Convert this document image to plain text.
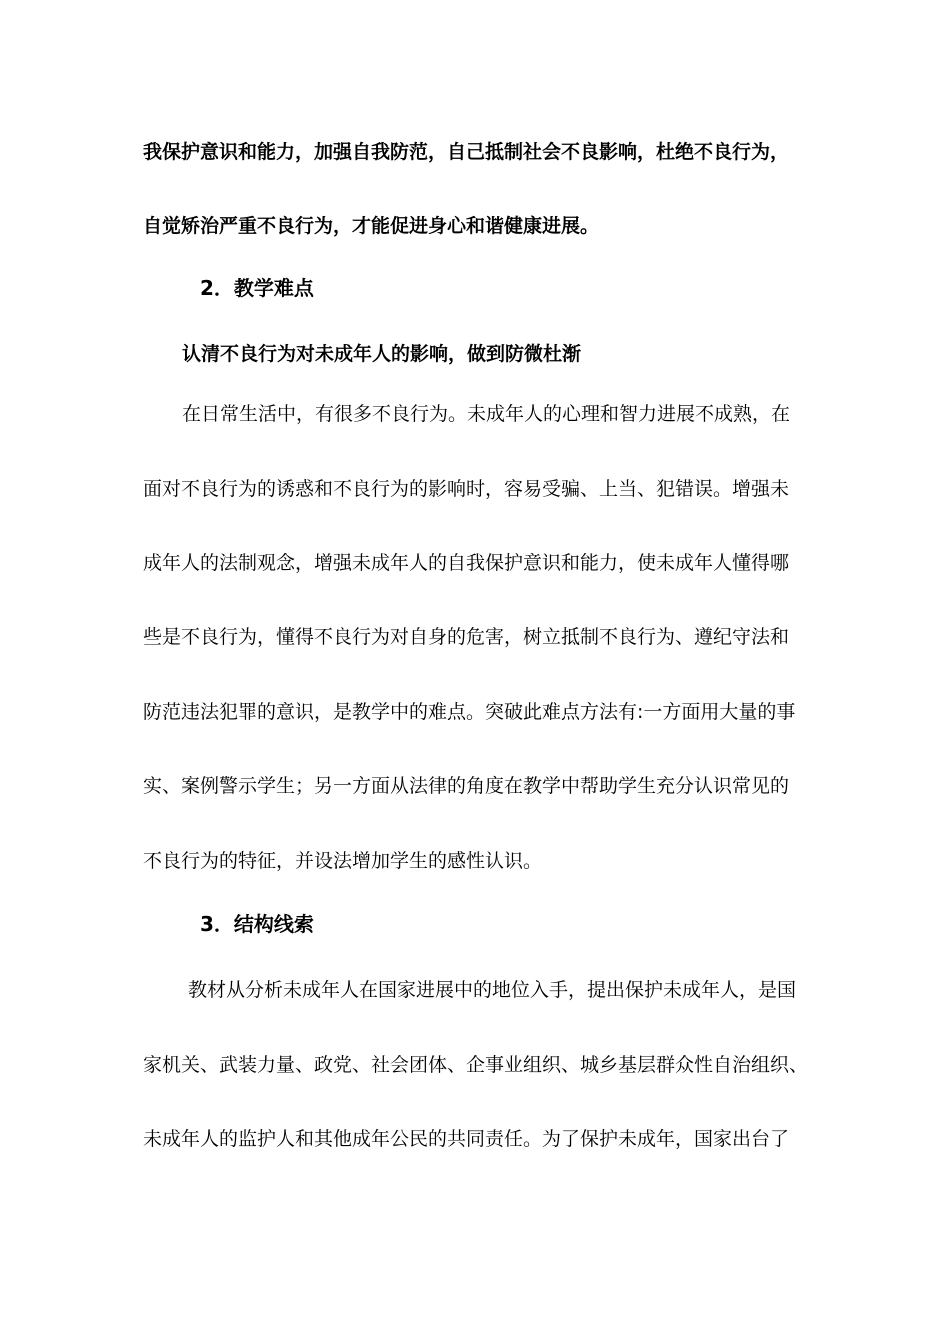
我保护意识和能力，加强自我防范，自己抵制社会不良影响，杜绝不良行为，
自觉矫治严重不良行为，才能促进身心和谐健康进展。
2．教学难点
认清不良行为对未成年人的影响，做到防微杜渐
在日常生活中，有很多不良行为。未成年人的心理和智力进展不成熟，在
面对不良行为的诱惑和不良行为的影响时，容易受骗、上当、犯错误。增强未
成年人的法制观念，增强未成年人的自我保护意识和能力，使未成年人懂得哪
些是不良行为，懂得不良行为对自身的危害，树立抵制不良行为、遵纪守法和
防范违法犯罪的意识，是教学中的难点。突破此难点方法有:一方面用大量的事
实、案例警示学生；另一方面从法律的角度在教学中帮助学生充分认识常见的
不良行为的特征，并设法增加学生的感性认识。
3．结构线索
教材从分析未成年人在国家进展中的地位入手，提出保护未成年人，是国
家机关、武装力量、政党、社会团体、企事业组织、城乡基层群众性自治组织、
未成年人的监护人和其他成年公民的共同责任。为了保护未成年，国家出台了
